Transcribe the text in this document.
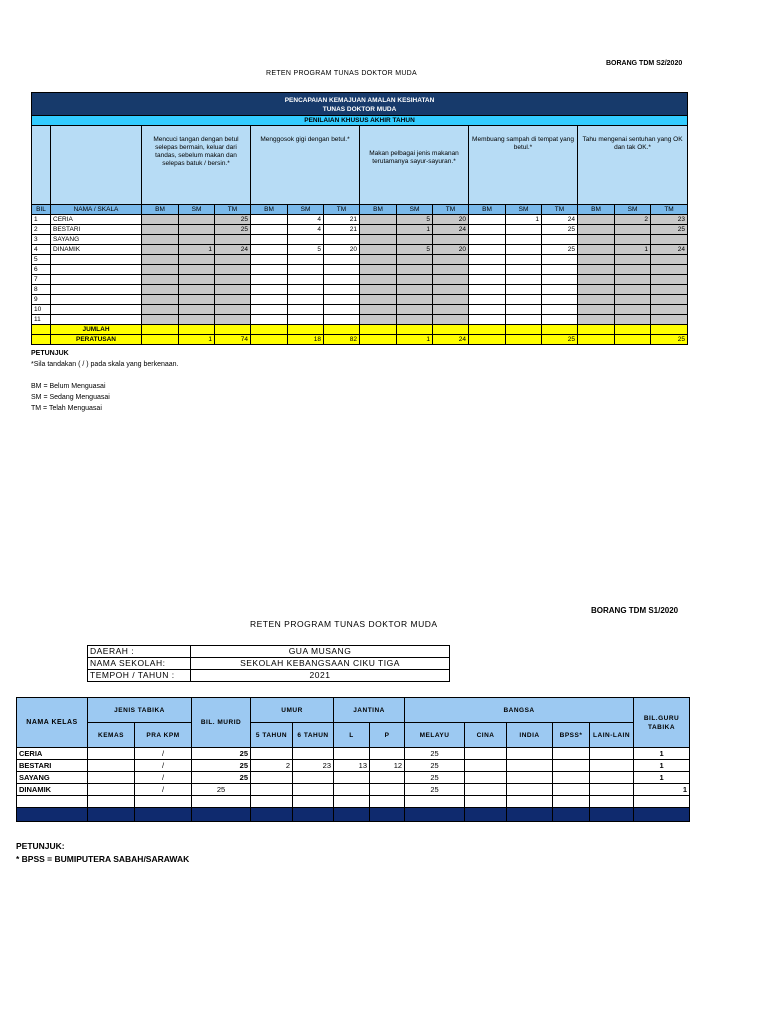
BORANG TDM S2/2020
RETEN PROGRAM TUNAS DOKTOR MUDA
PENCAPAIAN KEMAJUAN AMALAN KESIHATAN
TUNAS DOKTOR MUDA																

PENILAIAN KHUSUS AKHIR TAHUN																
		Mencuci tangan dengan betul selepas bermain, keluar dari tandas, sebelum makan dan selepas batuk / bersin.*			Menggosok gigi dengan betul.*			Makan pelbagai jenis makanan terutamanya sayur-sayuran.*			Membuang sampah di tempat yang betul.*			Tahu mengenai sentuhan yang OK dan tak OK.*		
BIL	NAMA / SKALA	BM	SM	TM	BM	SM	TM	BM	SM	TM	BM	SM	TM	BM	SM	TM
1	CERIA			25		4	21		5	20		1	24		2	23
2	BESTARI			25		4	21		1	24			25			25
3	SAYANG															
4	DINAMIK		1	24		5	20		5	20			25		1	24
5																
6																
7																
8																
9																
10																
11																
	JUMLAH															
	PERATUSAN		1	74		18	82		1	24			25			25
PETUNJUK
*Sila tandakan ( / ) pada skala yang berkenaan.
BM = Belum Menguasai
SM = Sedang Menguasai
TM = Telah Menguasai
BORANG TDM S1/2020
RETEN PROGRAM TUNAS DOKTOR MUDA
DAERAH :	GUA MUSANG
NAMA SEKOLAH:	SEKOLAH KEBANGSAAN CIKU TIGA
TEMPOH / TAHUN :	2021
NAMA KELAS	JENIS TABIKA		BIL. MURID	UMUR		JANTINA		BANGSA					BIL.GURU TABIKA
	KEMAS	PRA KPM		5 TAHUN	6 TAHUN	L	P	MELAYU	CINA	INDIA	BPSS*	LAIN-LAIN	
CERIA		/	25					25					1
BESTARI		/	25	2	23	13	12	25					1
SAYANG		/	25					25					1
DINAMIK		/	25					25					1

PETUNJUK:
* BPSS = BUMIPUTERA SABAH/SARAWAK
